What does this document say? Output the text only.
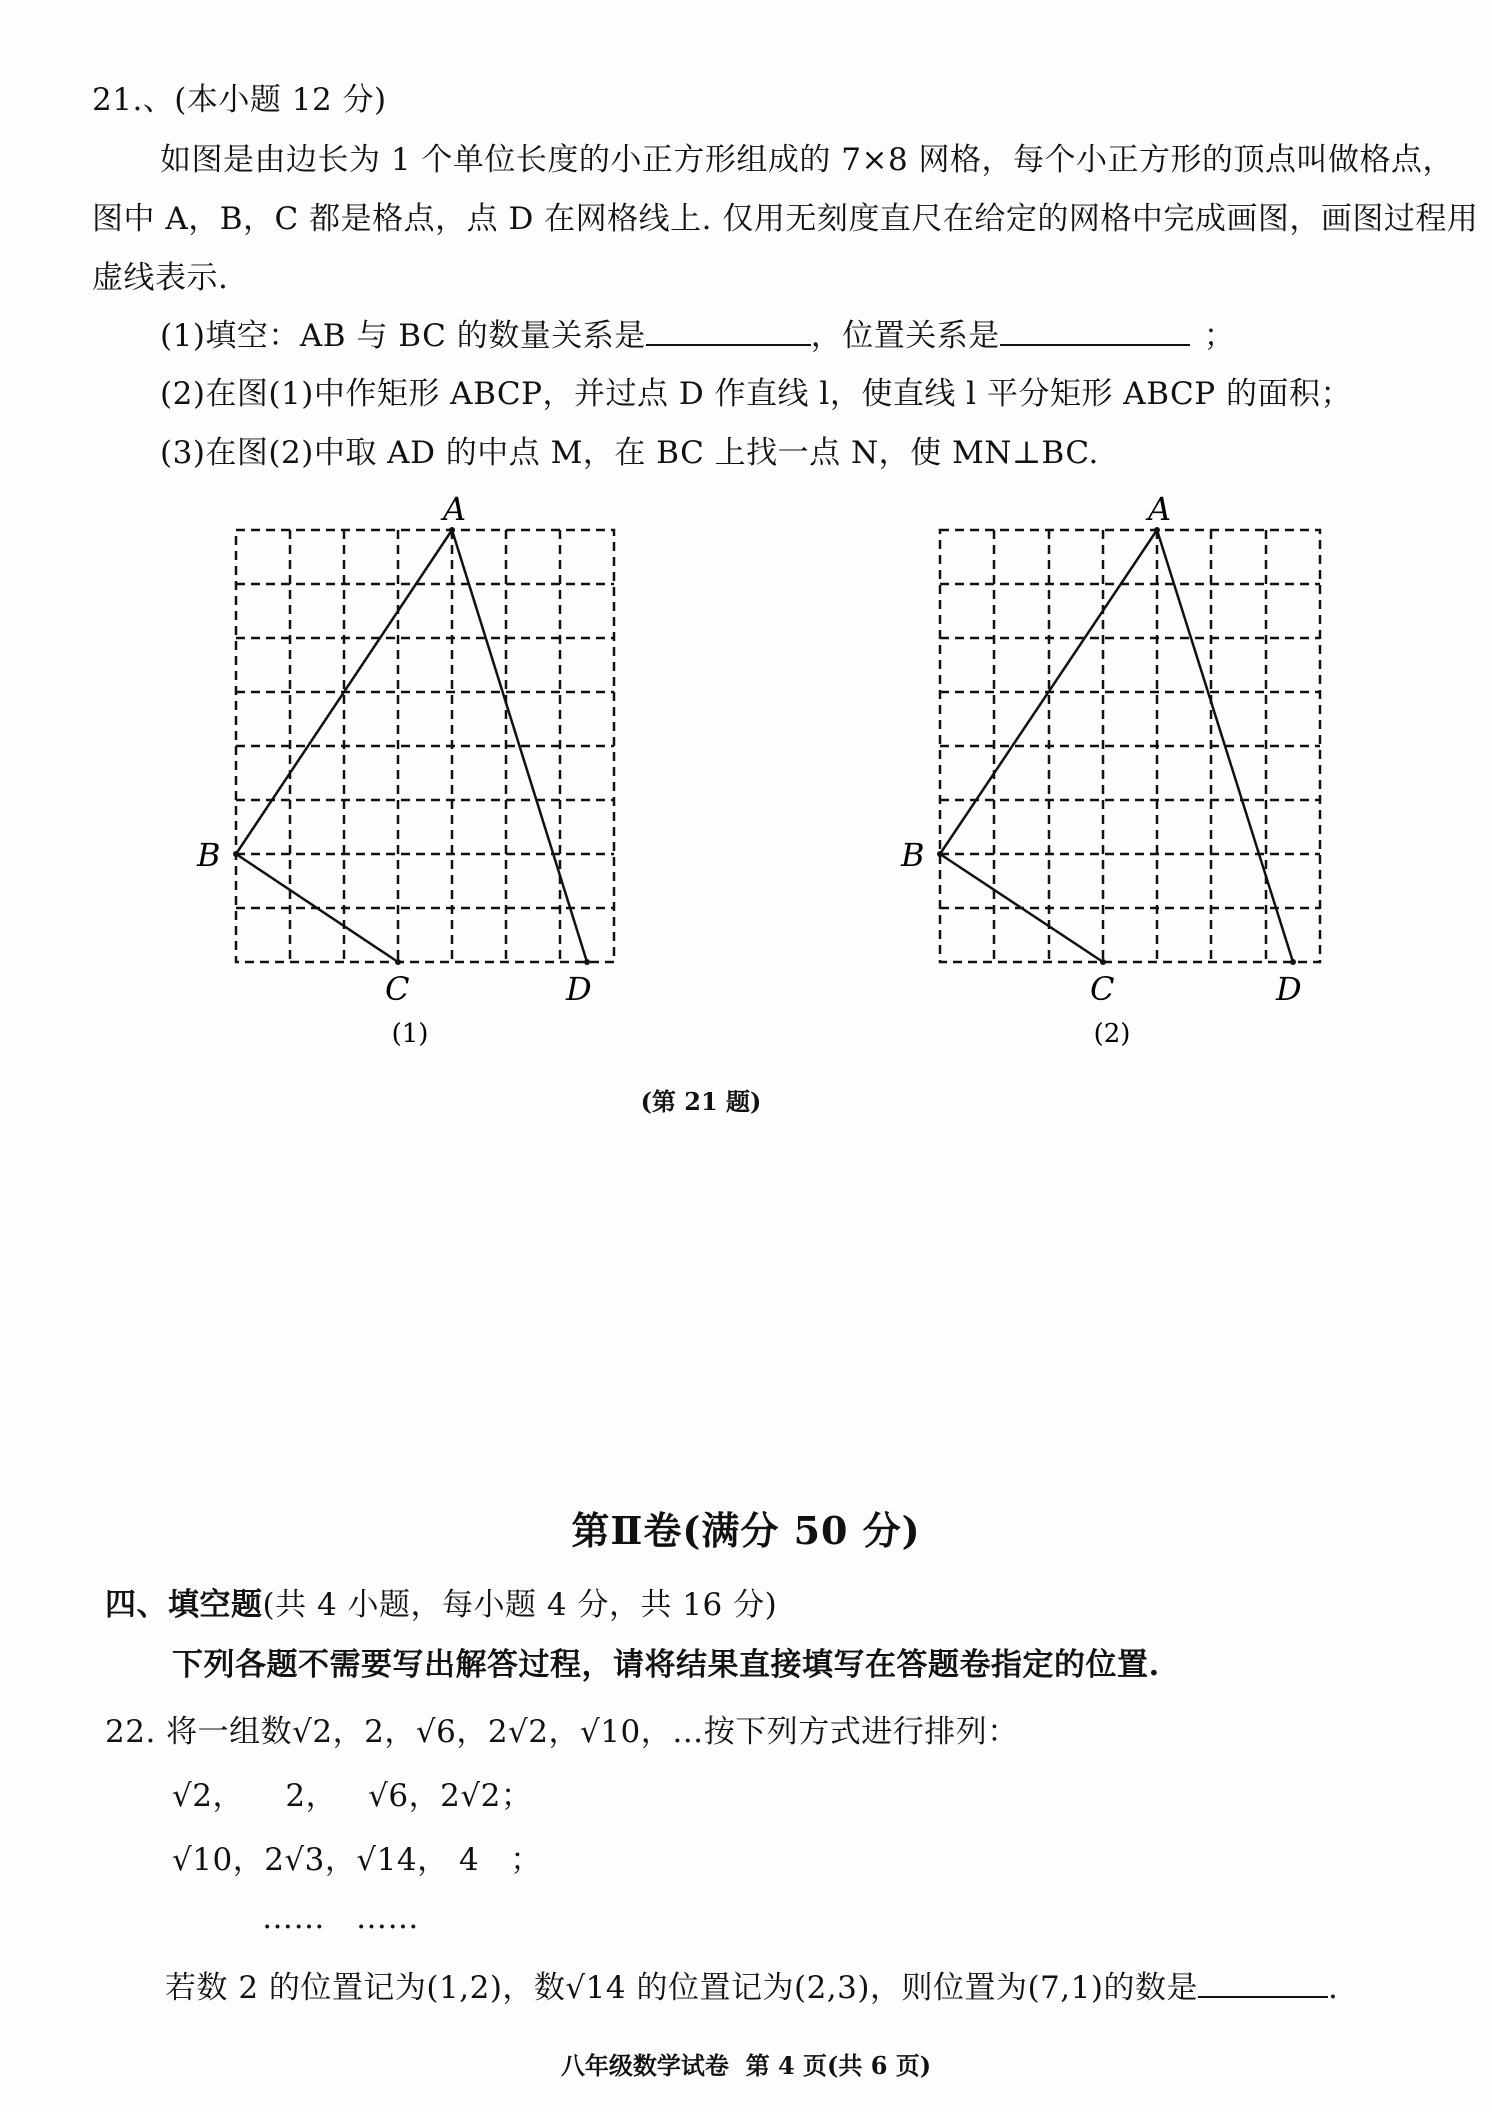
21.、(本小题 12 分)
如图是由边长为 1 个单位长度的小正方形组成的 7×8 网格，每个小正方形的顶点叫做格点，
图中 A，B，C 都是格点，点 D 在网格线上. 仅用无刻度直尺在给定的网格中完成画图，画图过程用
虚线表示.
(1)填空：AB 与 BC 的数量关系是	，位置关系是	；
(2)在图(1)中作矩形 ABCP，并过点 D 作直线 l，使直线 l 平分矩形 ABCP 的面积；
(3)在图(2)中取 AD 的中点 M，在 BC 上找一点 N，使 MN⊥BC.
A
B
C	D
(1)
A
B
C	D
(2)
(第 21 题)
第Ⅱ卷(满分 50 分)
四、填空题(共 4 小题，每小题 4 分，共 16 分)
下列各题不需要写出解答过程，请将结果直接填写在答题卷指定的位置.
22. 将一组数√2，2，√6，2√2，√10，…按下列方式进行排列：
√2，    2，   √6，2√2；
√10，2√3，√14， 4   ；
……   ……
若数 2 的位置记为(1,2)，数√14 的位置记为(2,3)，则位置为(7,1)的数是	.
八年级数学试卷  第 4 页(共 6 页)
